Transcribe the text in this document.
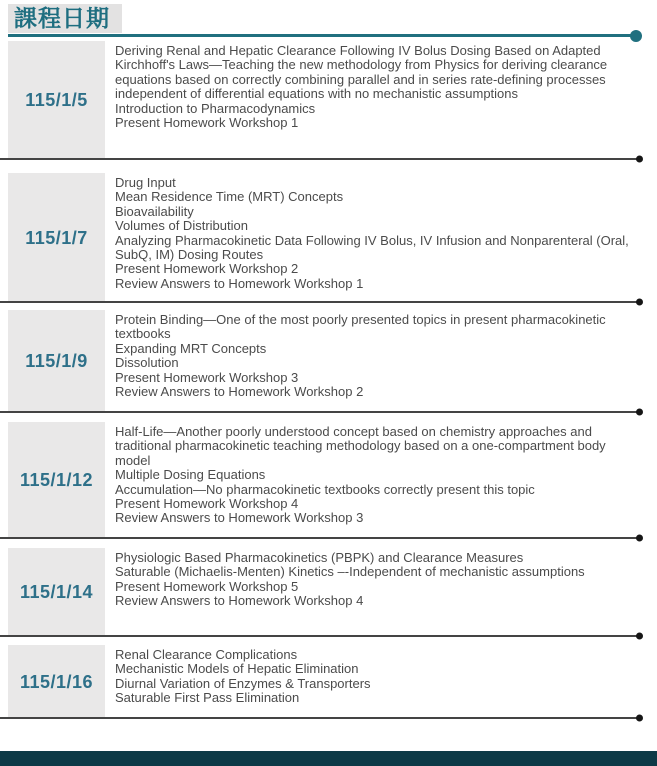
課程日期
115/1/5

Deriving Renal and Hepatic Clearance Following IV Bolus Dosing Based on Adapted Kirchhoff's Laws—Teaching the new methodology from Physics for deriving clearance equations based on correctly combining parallel and in series rate-defining processes independent of differential equations with no mechanistic assumptions

Introduction to Pharmacodynamics

Present Homework Workshop 1

115/1/7

Drug Input

Mean Residence Time (MRT) Concepts

Bioavailability

Volumes of Distribution

Analyzing Pharmacokinetic Data Following IV Bolus, IV Infusion and Nonparenteral (Oral, SubQ, IM) Dosing Routes

Present Homework Workshop 2

Review Answers to Homework Workshop 1

115/1/9

Protein Binding—One of the most poorly presented topics in present pharmacokinetic textbooks

Expanding MRT Concepts

Dissolution

Present Homework Workshop 3

Review Answers to Homework Workshop 2

115/1/12

Half-Life—Another poorly understood concept based on chemistry approaches and traditional pharmacokinetic teaching methodology based on a one-compartment body model

Multiple Dosing Equations

Accumulation—No pharmacokinetic textbooks correctly present this topic

Present Homework Workshop 4

Review Answers to Homework Workshop 3

115/1/14

Physiologic Based Pharmacokinetics (PBPK) and Clearance Measures

Saturable (Michaelis-Menten) Kinetics –-Independent of mechanistic assumptions

Present Homework Workshop 5

Review Answers to Homework Workshop 4

115/1/16

Renal Clearance Complications

Mechanistic Models of Hepatic Elimination

Diurnal Variation of Enzymes & Transporters

Saturable First Pass Elimination
